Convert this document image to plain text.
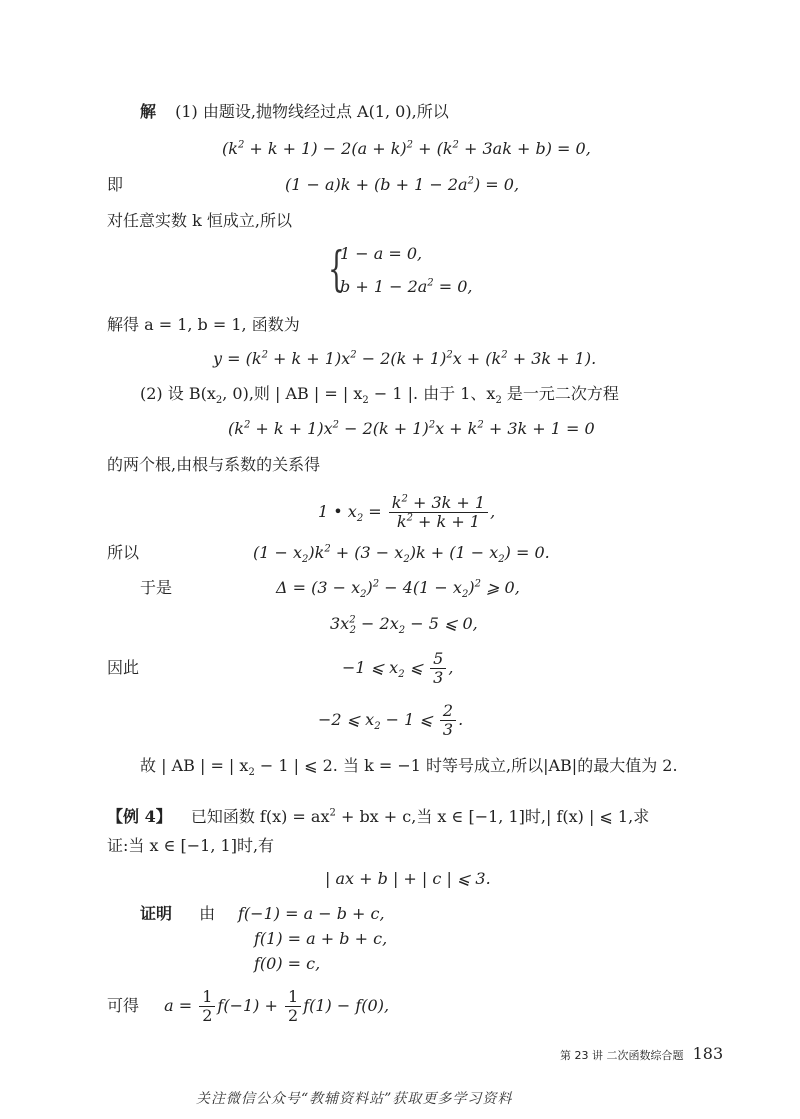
解 (1) 由题设,抛物线经过点 A(1, 0),所以
$(k^2 + k + 1) - 2(a + k)^2 + (k^2 + 3ak + b) = 0$,
即	$(1 - a)k + (b + 1 - 2a^2) = 0$,
对任意实数 k 恒成立,所以
{
1 − a = 0,
$b + 1 - 2a^2 = 0$,
解得 a = 1, b = 1, 函数为
$y = (k^2 + k + 1)x^2 - 2(k + 1)^2x + (k^2 + 3k + 1)$.
(2) 设 $B(x_2$, 0),则 | AB | = | $x_2 - 1$ |. 由于 1、$x_2$ 是一元二次方程
$(k^2 + k + 1)x^2 - 2(k + 1)^2x + k^2 + 3k + 1 = 0$
的两个根,由根与系数的关系得
1 • $x_2 = \frac{k^2 + 3k + 1}{k^2 + k + 1}$ ,
所以	$(1 - x_2)k^2 + (3 - x_2)k + (1 - x_2) = 0$.
于是	$\Delta = (3 - x_2)^2 - 4(1 - x_2)^2$ ⩾ 0,
$3x^2_2 - 2x_2 - 5$ ⩽ 0,
因此	−1 ⩽ $x_2$ ⩽ $\frac{5}{3}$ ,
−2 ⩽ $x_2 - 1$ ⩽ $\frac{2}{3}$ .
故 | AB | = | $x_2 - 1$ | ⩽ 2. 当 k = −1 时等号成立,所以|AB|的最大值为 2.
【例 4】 已知函数 $f(x) = ax^2$ + bx + c,当 x ∈ [−1, 1]时,| f(x) | ⩽ 1,求
证:当 x ∈ [−1, 1]时,有
| ax + b | + | c | ⩽ 3.
证明 由 f(−1) = a − b + c,
f(1) = a + b + c,
f(0) = c,
可得 $a = \frac{1}{2} f(-1) + \frac{1}{2} f(1) - f(0)$,
第 23 讲 二次函数综合题 183
关注微信公众号“教辅资料站”获取更多学习资料
